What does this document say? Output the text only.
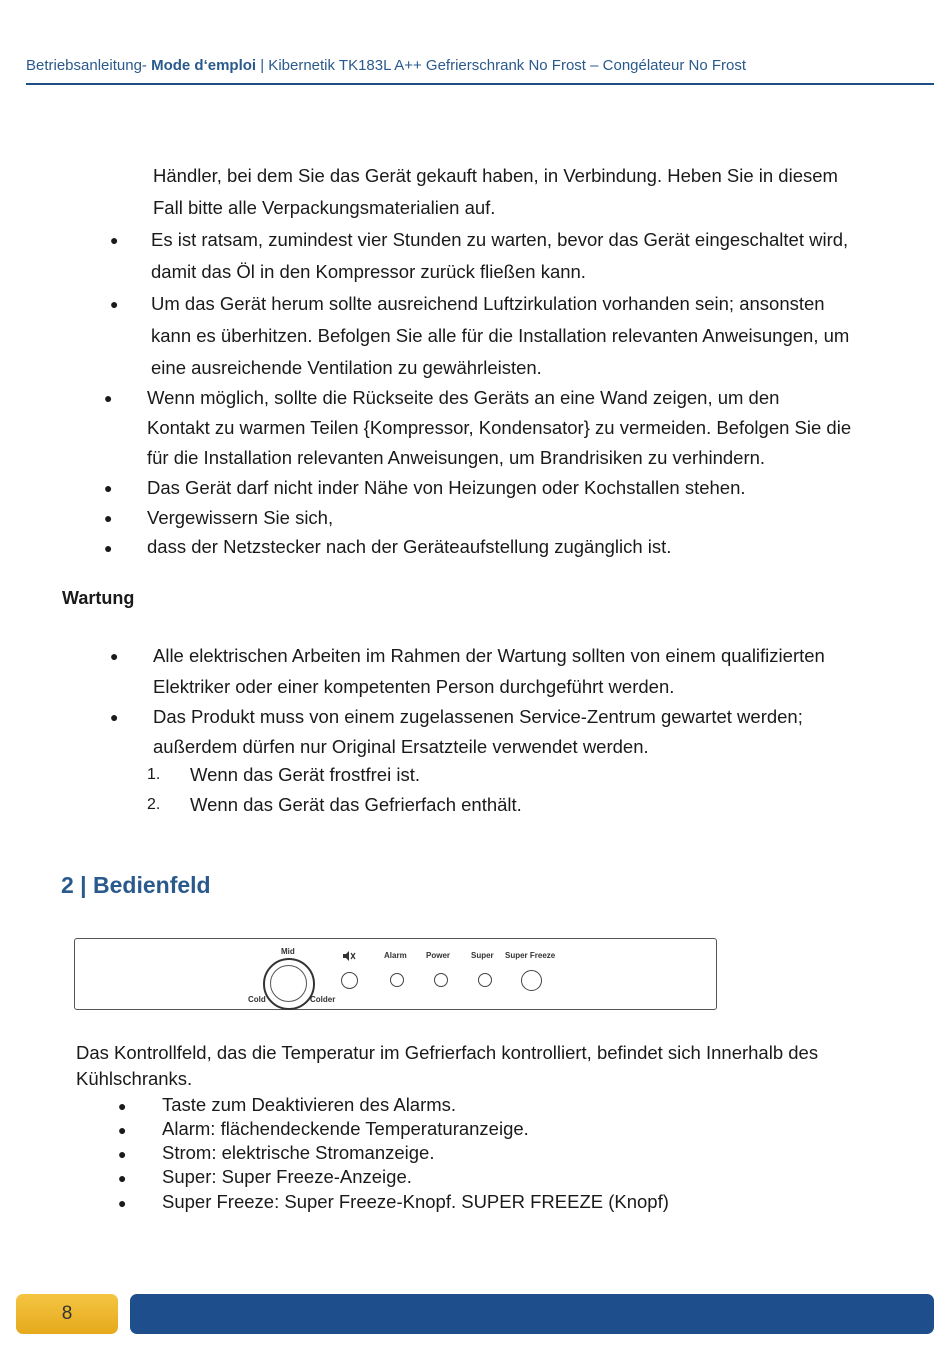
Betriebsanleitung- Mode d‘emploi | Kibernetik TK183L A++ Gefrierschrank No Frost – Congélateur No Frost
Händler, bei dem Sie das Gerät gekauft haben, in Verbindung. Heben Sie in diesem
Fall bitte alle Verpackungsmaterialien auf.
● Es ist ratsam, zumindest vier Stunden zu warten, bevor das Gerät eingeschaltet wird,
damit das Öl in den Kompressor zurück fließen kann.
● Um das Gerät herum sollte ausreichend Luftzirkulation vorhanden sein; ansonsten
kann es überhitzen. Befolgen Sie alle für die Installation relevanten Anweisungen, um
eine ausreichende Ventilation zu gewährleisten.
● Wenn möglich, sollte die Rückseite des Geräts an eine Wand zeigen, um den
Kontakt zu warmen Teilen {Kompressor, Kondensator} zu vermeiden. Befolgen Sie die
für die Installation relevanten Anweisungen, um Brandrisiken zu verhindern.
● Das Gerät darf nicht inder Nähe von Heizungen oder Kochstallen stehen.
● Vergewissern Sie sich,
● dass der Netzstecker nach der Geräteaufstellung zugänglich ist.
Wartung
● Alle elektrischen Arbeiten im Rahmen der Wartung sollten von einem qualifizierten
Elektriker oder einer kompetenten Person durchgeführt werden.
● Das Produkt muss von einem zugelassenen Service-Zentrum gewartet werden;
außerdem dürfen nur Original Ersatzteile verwendet werden.
1. Wenn das Gerät frostfrei ist.
2. Wenn das Gerät das Gefrierfach enthält.
2 | Bedienfeld
Mid
Cold	Colder
Alarm Power	Super Super Freeze
Das Kontrollfeld, das die Temperatur im Gefrierfach kontrolliert, befindet sich Innerhalb des
Kühlschranks.
● Taste zum Deaktivieren des Alarms.
● Alarm: flächendeckende Temperaturanzeige.
● Strom: elektrische Stromanzeige.
● Super: Super Freeze-Anzeige.
● Super Freeze: Super Freeze-Knopf. SUPER FREEZE (Knopf)
8
